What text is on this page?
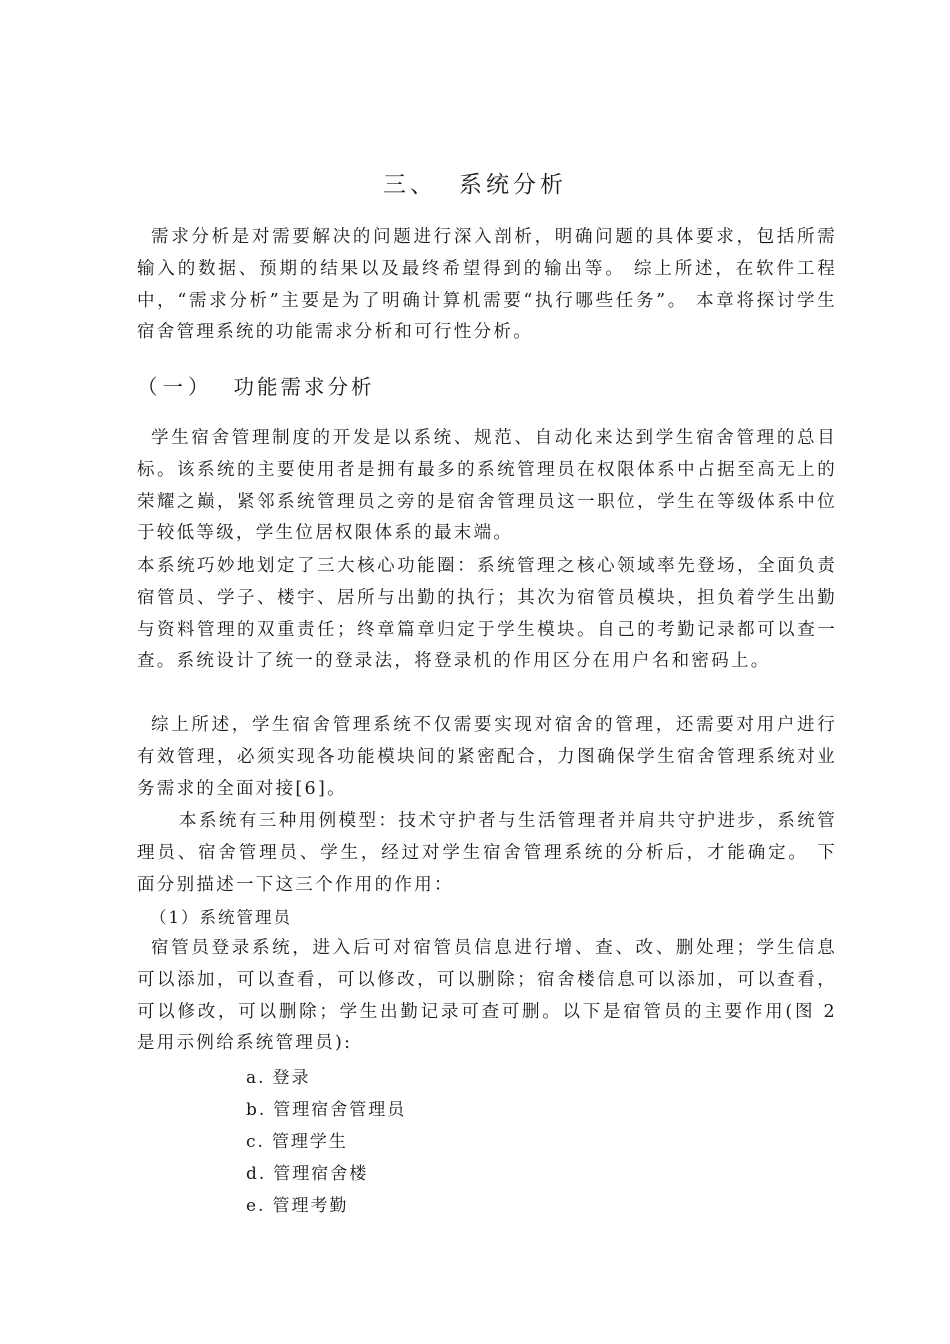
三、 系统分析

需求分析是对需要解决的问题进行深入剖析，明确问题的具体要求，包括所需输入的数据、预期的结果以及最终希望得到的输出等。 综上所述，在软件工程中，“需求分析”主要是为了明确计算机需要“执行哪些任务”。 本章将探讨学生宿舍管理系统的功能需求分析和可行性分析。

（一） 功能需求分析

学生宿舍管理制度的开发是以系统、规范、自动化来达到学生宿舍管理的总目标。该系统的主要使用者是拥有最多的系统管理员在权限体系中占据至高无上的荣耀之巅，紧邻系统管理员之旁的是宿舍管理员这一职位，学生在等级体系中位于较低等级，学生位居权限体系的最末端。

本系统巧妙地划定了三大核心功能圈：系统管理之核心领域率先登场，全面负责宿管员、学子、楼宇、居所与出勤的执行；其次为宿管员模块，担负着学生出勤与资料管理的双重责任；终章篇章归定于学生模块。自己的考勤记录都可以查一查。系统设计了统一的登录法，将登录机的作用区分在用户名和密码上。

综上所述，学生宿舍管理系统不仅需要实现对宿舍的管理，还需要对用户进行有效管理，必须实现各功能模块间的紧密配合，力图确保学生宿舍管理系统对业务需求的全面对接[6]。

本系统有三种用例模型：技术守护者与生活管理者并肩共守护进步，系统管理员、宿舍管理员、学生，经过对学生宿舍管理系统的分析后，才能确定。 下面分别描述一下这三个作用的作用：

（1）系统管理员

宿管员登录系统，进入后可对宿管员信息进行增、查、改、删处理；学生信息可以添加，可以查看，可以修改，可以删除；宿舍楼信息可以添加，可以查看，可以修改，可以删除；学生出勤记录可查可删。以下是宿管员的主要作用(图 2是用示例给系统管理员):

a. 登录
b. 管理宿舍管理员
c. 管理学生
d. 管理宿舍楼
e. 管理考勤
